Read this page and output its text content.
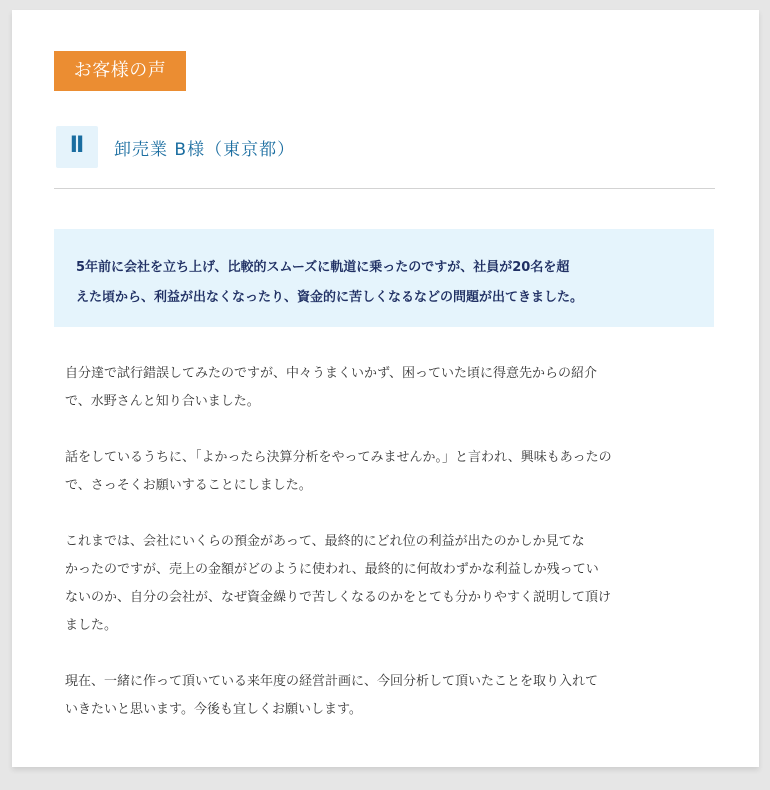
お客様の声
Ⅱ	卸売業 B様（東京都）
5年前に会社を立ち上げ、比較的スムーズに軌道に乗ったのですが、社員が20名を超
えた頃から、利益が出なくなったり、資金的に苦しくなるなどの問題が出てきました。
自分達で試行錯誤してみたのですが、中々うまくいかず、困っていた頃に得意先からの紹介
で、水野さんと知り合いました。
話をしているうちに、「よかったら決算分析をやってみませんか。」と言われ、興味もあったの
で、さっそくお願いすることにしました。
これまでは、会社にいくらの預金があって、最終的にどれ位の利益が出たのかしか見てな
かったのですが、売上の金額がどのように使われ、最終的に何故わずかな利益しか残ってい
ないのか、自分の会社が、なぜ資金繰りで苦しくなるのかをとても分かりやすく説明して頂け
ました。
現在、一緒に作って頂いている来年度の経営計画に、今回分析して頂いたことを取り入れて
いきたいと思います。今後も宜しくお願いします。
